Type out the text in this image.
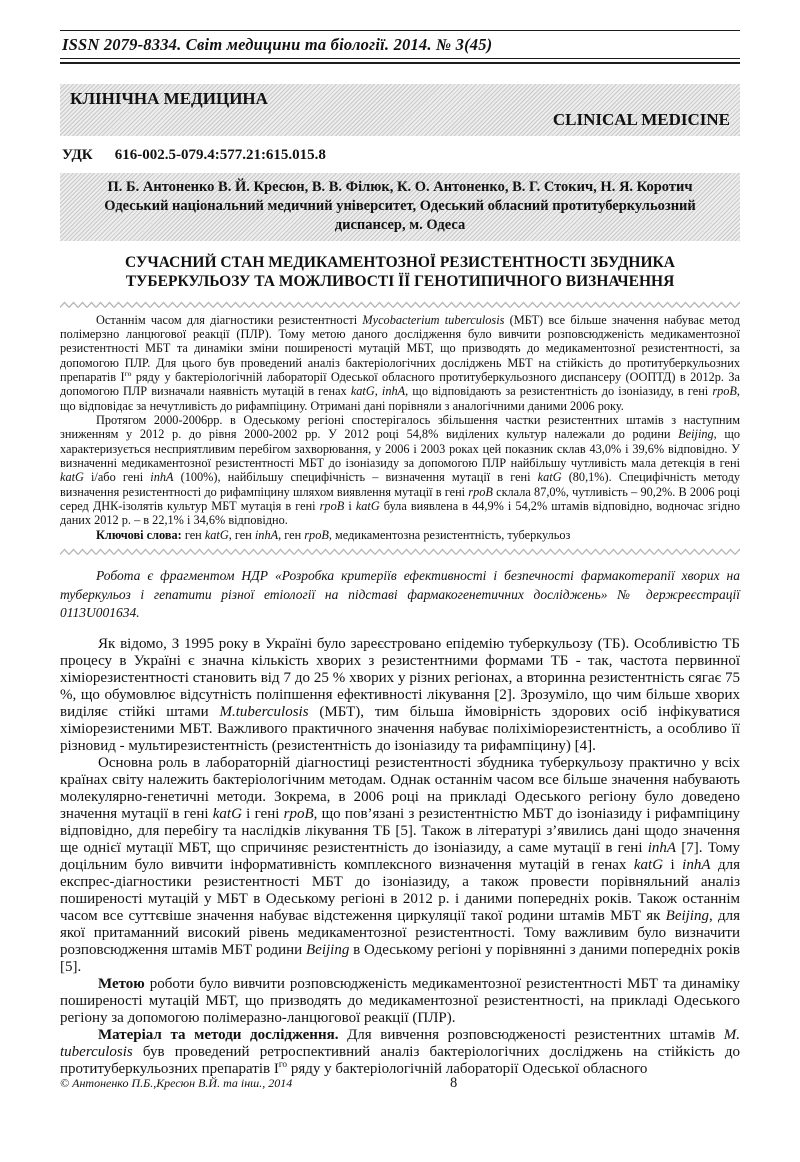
ISSN 2079-8334. Світ медицини та біології. 2014. № 3(45)
КЛІНІЧНА МЕДИЦИНА
CLINICAL MEDICINE
УДК 616-002.5-079.4:577.21:615.015.8
П. Б. Антоненко В. Й. Кресюн, В. В. Філюк, К. О. Антоненко, В. Г. Стокич, Н. Я. Коротич
Одеський національний медичний університет, Одеський обласний протитуберкульозний диспансер, м. Одеса
СУЧАСНИЙ СТАН МЕДИКАМЕНТОЗНОЇ РЕЗИСТЕНТНОСТІ ЗБУДНИКА ТУБЕРКУЛЬОЗУ ТА МОЖЛИВОСТІ ЇЇ ГЕНОТИПИЧНОГО ВИЗНАЧЕННЯ

Останнім часом для діагностики резистентності Mycobacterium tuberculosis (МБТ) все більше значення набуває метод полімерзно ланцюгової реакції (ПЛР). Тому метою даного дослідження було вивчити розповсюдженість медикаментозної резистентності МБТ та динаміки зміни поширеності мутацій МБТ, що призводять до медикаментозної резистентності, за допомогою ПЛР. Для цього був проведений аналіз бактеріологічних досліджень МБТ на стійкість до протитуберкульозних препаратів $І^{го}$ ряду у бактеріологічній лабораторії Одеської обласного протитуберкульозного диспансеру (ООПТД) в 2012р. За допомогою ПЛР визначали наявність мутацій в генах katG, inhA, що відповідають за резистентність до ізоніазиду, в гені rpoB, що відповідає за нечутливість до рифампіцину. Отримані дані порівняли з аналогічними даними 2006 року.

Протягом 2000-2006рр. в Одеському регіоні спостерігалось збільшення частки резистентних штамів з наступним зниженням у 2012 р. до рівня 2000-2002 рр. У 2012 році 54,8% виділених культур належали до родини Beijing, що характеризується несприятливим перебігом захворювання, у 2006 і 2003 роках цей показник склав 43,0% і 39,6% відповідно. У визначенні медикаментозної резистентності МБТ до ізоніазиду за допомогою ПЛР найбільшу чутливість мала детекція в гені katG і/або гені inhA (100%), найбільшу специфічність – визначення мутації в гені katG (80,1%). Специфічність методу визначення резистентності до рифампіцину шляхом виявлення мутації в гені rpoB склала 87,0%, чутливість – 90,2%. В 2006 році серед ДНК-ізолятів культур МБТ мутація в гені rpoB і katG була виявлена в 44,9% і 54,2% штамів відповідно, водночас згідно даних 2012 р. – в 22,1% і 34,6% відповідно.

Ключові слова: ген katG, ген inhA, ген rpoB, медикаментозна резистентність, туберкульоз

Робота є фрагментом НДР «Розробка критеріїв ефективності і безпечності фармакотерапії хворих на туберкульоз і гепатити різної етіології на підставі фармакогенетичних досліджень» № держреєстрації 0113U001634.

Як відомо, З 1995 року в Україні було зареєстровано епідемію туберкульозу (ТБ). Особливістю ТБ процесу в Україні є значна кількість хворих з резистентними формами ТБ - так, частота первинної хіміорезистентності становить від 7 до 25 % хворих у різних регіонах, а вторинна резистентність сягає 75 %, що обумовлює відсутність поліпшення ефективності лікування [2]. Зрозуміло, що чим більше хворих виділяє стійкі штами M.tuberculosis (МБТ), тим більша ймовірність здорових осіб інфікуватися хіміорезистеними МБТ. Важливого практичного значення набуває поліхіміорезистентність, а особливо її різновид - мультирезистентність (резистентність до ізоніазиду та рифампіцину) [4].

Основна роль в лабораторній діагностиці резистентності збудника туберкульозу практично у всіх країнах світу належить бактеріологічним методам. Однак останнім часом все більше значення набувають молекулярно-генетичні методи. Зокрема, в 2006 році на прикладі Одеського регіону було доведено значення мутації в гені katG і гені rpoB, що пов’язані з резистентністю МБТ до ізоніазиду і рифампіцину відповідно, для перебігу та наслідків лікування ТБ [5]. Також в літературі з’явились дані щодо значення ще однієї мутації МБТ, що спричиняє резистентність до ізоніазиду, а саме мутації в гені inhA [7]. Тому доцільним було вивчити інформативність комплексного визначення мутацій в генах katG і inhA для експрес-діагностики резистентності МБТ до ізоніазиду, а також провести порівняльний аналіз поширеності мутацій у МБТ в Одеському регіоні в 2012 р. і даними попередніх років. Також останнім часом все суттєвіше значення набуває відстеження циркуляції такої родини штамів МБТ як Beijing, для якої притаманний високий рівень медикаментозної резистентності. Тому важливим було визначити розповсюдження штамів МБТ родини Beijing в Одеському регіоні у порівнянні з даними попередніх років [5].

Метою роботи було вивчити розповсюдженість медикаментозної резистентності МБТ та динаміку поширеності мутацій МБТ, що призводять до медикаментозної резистентності, на прикладі Одеського регіону за допомогою полімеразно-ланцюгової реакції (ПЛР).

Матеріал та методи дослідження. Для вивчення розповсюдженості резистентних штамів M. tuberculosis був проведений ретроспективний аналіз бактеріологічних досліджень на стійкість до протитуберкульозних препаратів $І^{го}$ ряду у бактеріологічній лабораторії Одеської обласного

© Антоненко П.Б.,Кресюн В.Й. та інш., 2014	8
